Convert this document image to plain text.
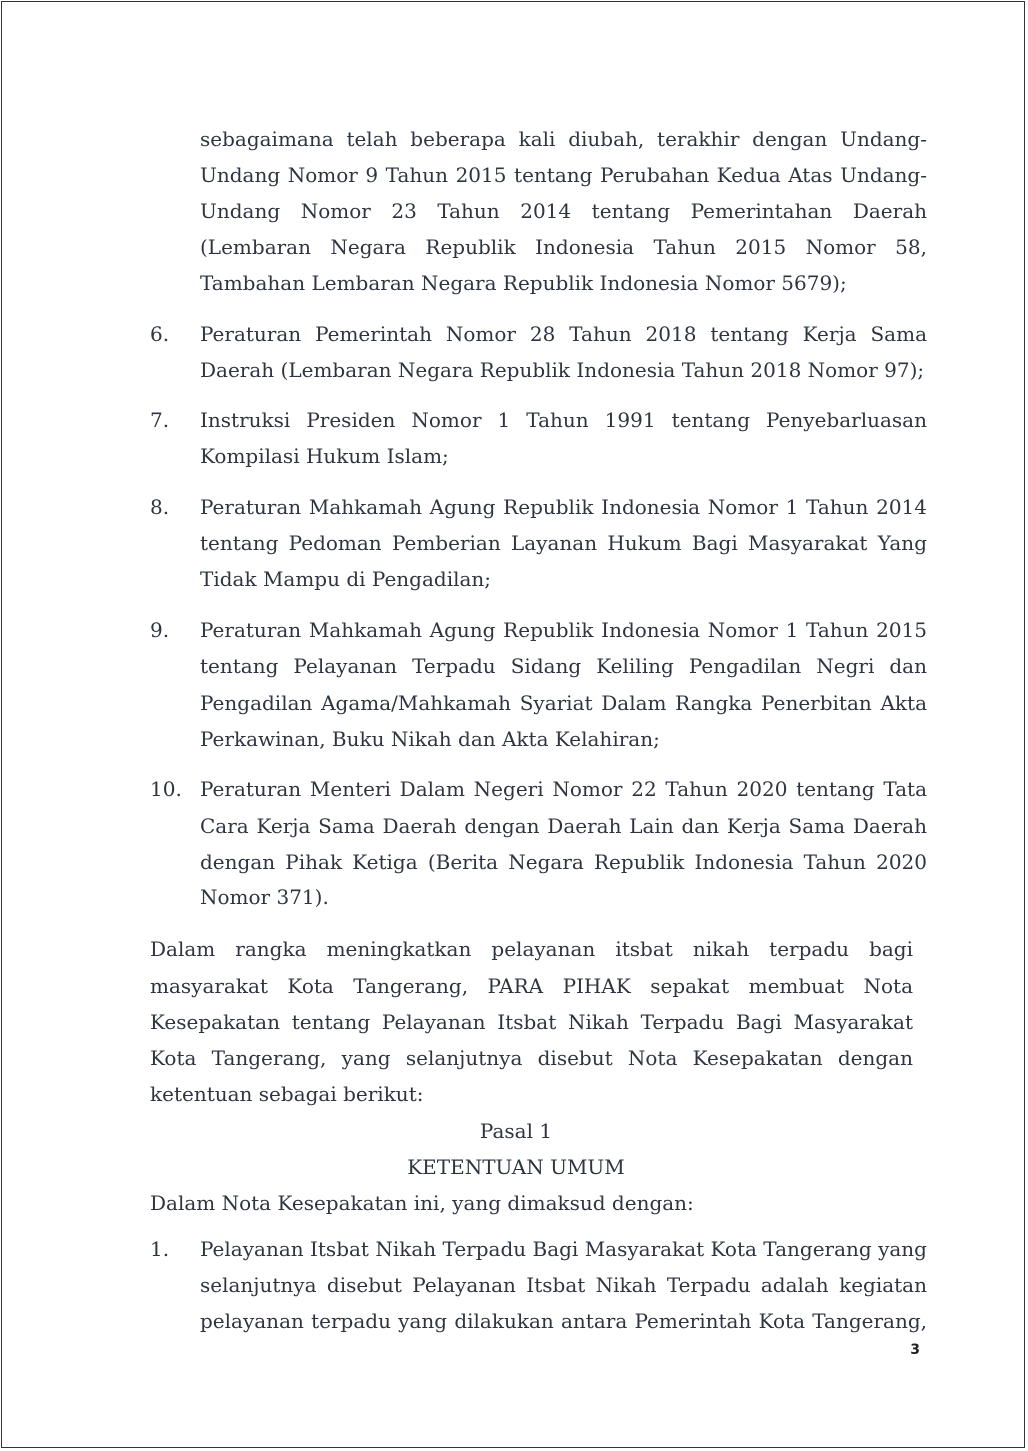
sebagaimana telah beberapa kali diubah, terakhir dengan Undang-
Undang Nomor 9 Tahun 2015 tentang Perubahan Kedua Atas Undang-
Undang Nomor 23 Tahun 2014 tentang Pemerintahan Daerah
(Lembaran Negara Republik Indonesia Tahun 2015 Nomor 58,
Tambahan Lembaran Negara Republik Indonesia Nomor 5679);
6. Peraturan Pemerintah Nomor 28 Tahun 2018 tentang Kerja Sama
Daerah (Lembaran Negara Republik Indonesia Tahun 2018 Nomor 97);
7. Instruksi Presiden Nomor 1 Tahun 1991 tentang Penyebarluasan
Kompilasi Hukum Islam;
8. Peraturan Mahkamah Agung Republik Indonesia Nomor 1 Tahun 2014
tentang Pedoman Pemberian Layanan Hukum Bagi Masyarakat Yang
Tidak Mampu di Pengadilan;
9. Peraturan Mahkamah Agung Republik Indonesia Nomor 1 Tahun 2015
tentang Pelayanan Terpadu Sidang Keliling Pengadilan Negri dan
Pengadilan Agama/Mahkamah Syariat Dalam Rangka Penerbitan Akta
Perkawinan, Buku Nikah dan Akta Kelahiran;
10. Peraturan Menteri Dalam Negeri Nomor 22 Tahun 2020 tentang Tata
Cara Kerja Sama Daerah dengan Daerah Lain dan Kerja Sama Daerah
dengan Pihak Ketiga (Berita Negara Republik Indonesia Tahun 2020
Nomor 371).
Dalam rangka meningkatkan pelayanan itsbat nikah terpadu bagi
masyarakat Kota Tangerang, PARA PIHAK sepakat membuat Nota
Kesepakatan tentang Pelayanan Itsbat Nikah Terpadu Bagi Masyarakat
Kota Tangerang, yang selanjutnya disebut Nota Kesepakatan dengan
ketentuan sebagai berikut:
Pasal 1
KETENTUAN UMUM
Dalam Nota Kesepakatan ini, yang dimaksud dengan:
1. Pelayanan Itsbat Nikah Terpadu Bagi Masyarakat Kota Tangerang yang
selanjutnya disebut Pelayanan Itsbat Nikah Terpadu adalah kegiatan
pelayanan terpadu yang dilakukan antara Pemerintah Kota Tangerang,
3
